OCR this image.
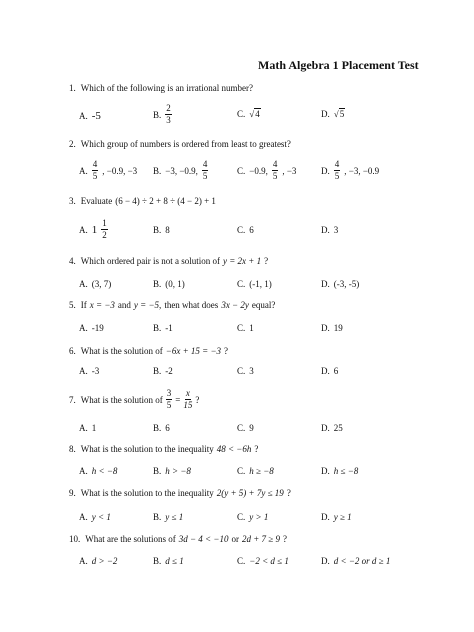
Math Algebra 1 Placement Test
1. Which of the following is an irrational number?
A. -5	B. $\frac{2}{3}$	C. √ 4	D. √ 5
2. Which group of numbers is ordered from least to greatest?
A. $\frac{4}{5}$ , −0.9, −3 B. −3, −0.9, $\frac{4}{5}$	C. −0.9, $\frac{4}{5}$ , −3	D. $\frac{4}{5}$ , −3, −0.9
3. Evaluate (6 − 4) ÷ 2 + 8 ÷ (4 − 2) + 1
A. $1 \frac{1}{2}$	B. 8	C. 6	D. 3
4. Which ordered pair is not a solution of y = 2x + 1 ?
A. (3, 7)	B. (0, 1)	C. (-1, 1)	D. (-3, -5)
5. If x = −3 and y = −5, then what does 3x − 2y equal?
A. -19	B. -1	C. 1	D. 19
6. What is the solution of −6x + 15 = −3 ?
A. -3	B. -2	C. 3	D. 6
7. What is the solution of $\frac{3}{5} = \frac{x}{15}$ ?
A. 1	B. 6	C. 9	D. 25
8. What is the solution to the inequality 48 < −6h ?
A. h < −8	B. h > −8	C. h ≥ −8	D. h ≤ −8
9. What is the solution to the inequality 2(y + 5) + 7y ≤ 19 ?
A. y < 1	B. y ≤ 1	C. y > 1	D. y ≥ 1
10. What are the solutions of 3d − 4 < −10 or 2d + 7 ≥ 9 ?
A. d > −2	B. d ≤ 1	C. −2 < d ≤ 1	D. d < −2 or d ≥ 1
